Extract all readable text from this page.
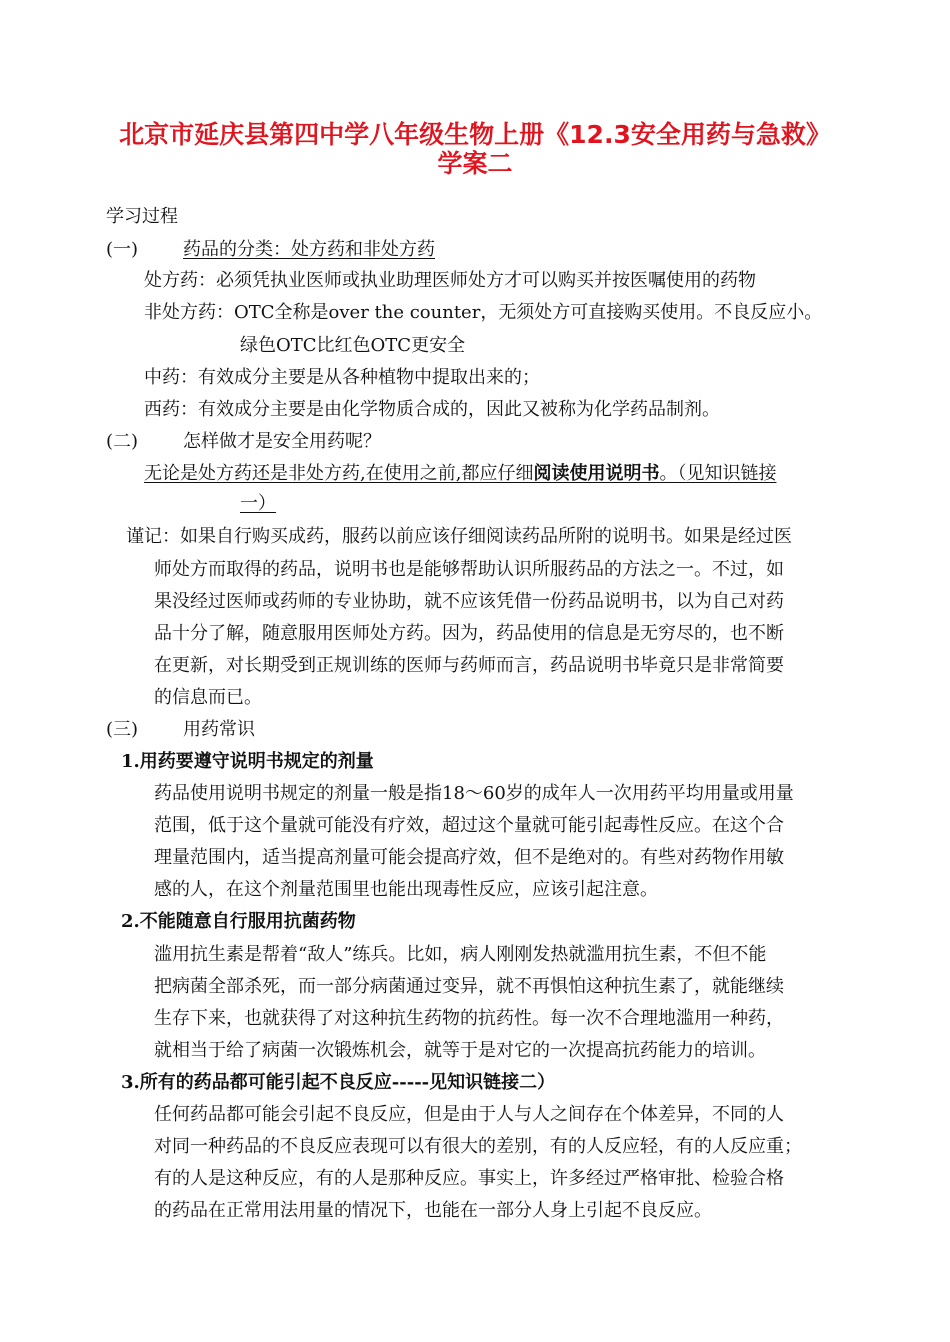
北京市延庆县第四中学八年级生物上册《12.3安全用药与急救》
学案二
学习过程
(一) 药品的分类：处方药和非处方药
处方药：必须凭执业医师或执业助理医师处方才可以购买并按医嘱使用的药物
非处方药：OTC全称是over the counter，无须处方可直接购买使用。不良反应小。
绿色OTC比红色OTC更安全
中药：有效成分主要是从各种植物中提取出来的；
西药：有效成分主要是由化学物质合成的，因此又被称为化学药品制剂。
(二) 怎样做才是安全用药呢？
无论是处方药还是非处方药,在使用之前,都应仔细阅读使用说明书。（见知识链接
一）
谨记：如果自行购买成药，服药以前应该仔细阅读药品所附的说明书。如果是经过医
师处方而取得的药品，说明书也是能够帮助认识所服药品的方法之一。不过，如
果没经过医师或药师的专业协助，就不应该凭借一份药品说明书，以为自己对药
品十分了解，随意服用医师处方药。因为，药品使用的信息是无穷尽的，也不断
在更新，对长期受到正规训练的医师与药师而言，药品说明书毕竟只是非常简要
的信息而已。
(三) 用药常识
1.用药要遵守说明书规定的剂量
药品使用说明书规定的剂量一般是指18～60岁的成年人一次用药平均用量或用量
范围，低于这个量就可能没有疗效，超过这个量就可能引起毒性反应。在这个合
理量范围内，适当提高剂量可能会提高疗效，但不是绝对的。有些对药物作用敏
感的人，在这个剂量范围里也能出现毒性反应，应该引起注意。
2.不能随意自行服用抗菌药物
滥用抗生素是帮着“敌人”练兵。比如，病人刚刚发热就滥用抗生素，不但不能
把病菌全部杀死，而一部分病菌通过变异，就不再惧怕这种抗生素了，就能继续
生存下来，也就获得了对这种抗生药物的抗药性。每一次不合理地滥用一种药，
就相当于给了病菌一次锻炼机会，就等于是对它的一次提高抗药能力的培训。
3.所有的药品都可能引起不良反应-----见知识链接二）
任何药品都可能会引起不良反应，但是由于人与人之间存在个体差异，不同的人
对同一种药品的不良反应表现可以有很大的差别，有的人反应轻，有的人反应重；
有的人是这种反应，有的人是那种反应。事实上，许多经过严格审批、检验合格
的药品在正常用法用量的情况下，也能在一部分人身上引起不良反应。
